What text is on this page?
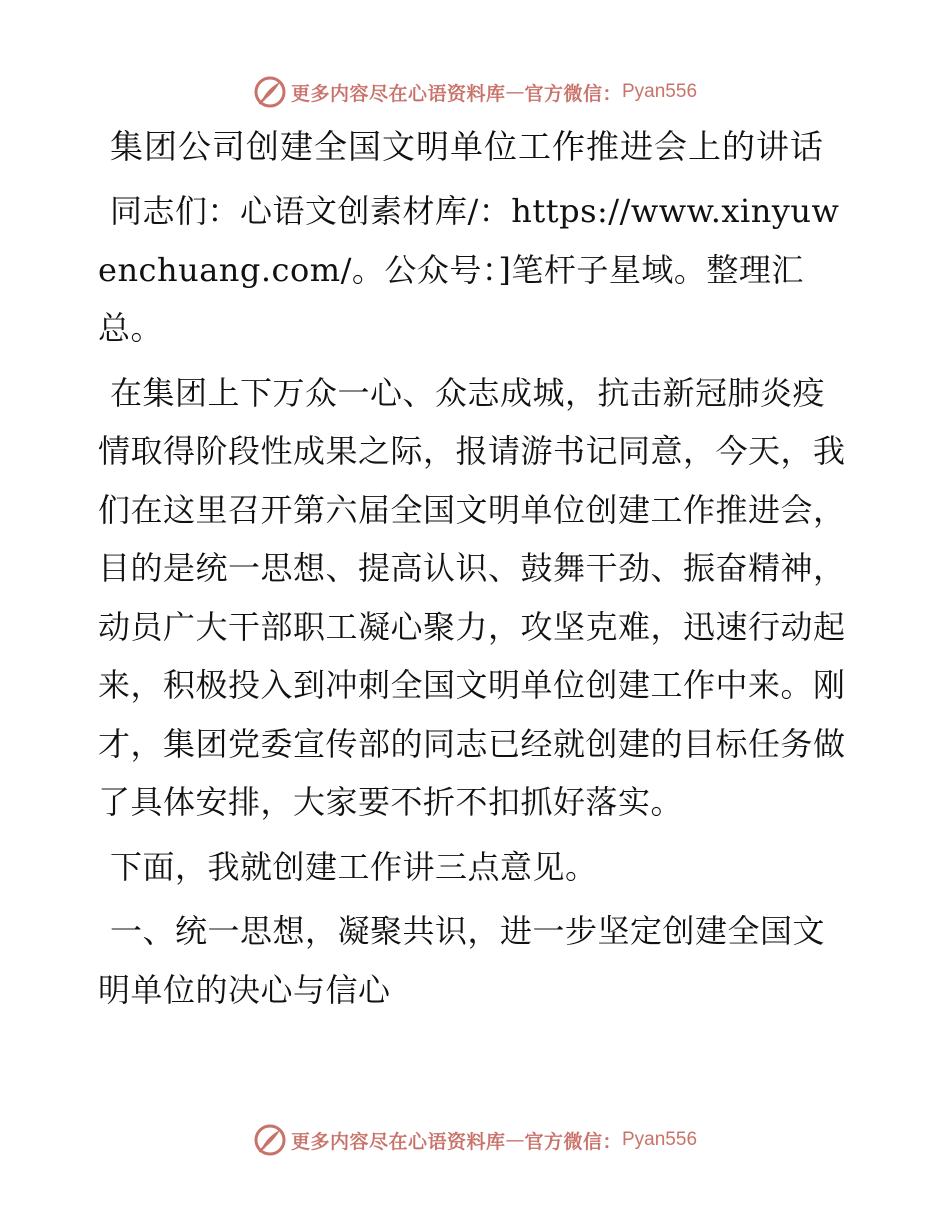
更多内容尽在心语资料库 — 官方微信： Pyan556
集团公司创建全国文明单位工作推进会上的讲话

同志们：心语文创素材库/：https://www.xinyuwenchuang.com/。公众号：]笔杆子星域。整理汇总。

在集团上下万众一心、众志成城，抗击新冠肺炎疫情取得阶段性成果之际，报请游书记同意，今天，我们在这里召开第六届全国文明单位创建工作推进会，目的是统一思想、提高认识、鼓舞干劲、振奋精神，动员广大干部职工凝心聚力，攻坚克难，迅速行动起来，积极投入到冲刺全国文明单位创建工作中来。刚才，集团党委宣传部的同志已经就创建的目标任务做了具体安排，大家要不折不扣抓好落实。

下面，我就创建工作讲三点意见。

一、统一思想，凝聚共识，进一步坚定创建全国文明单位的决心与信心

更多内容尽在心语资料库 — 官方微信： Pyan556
